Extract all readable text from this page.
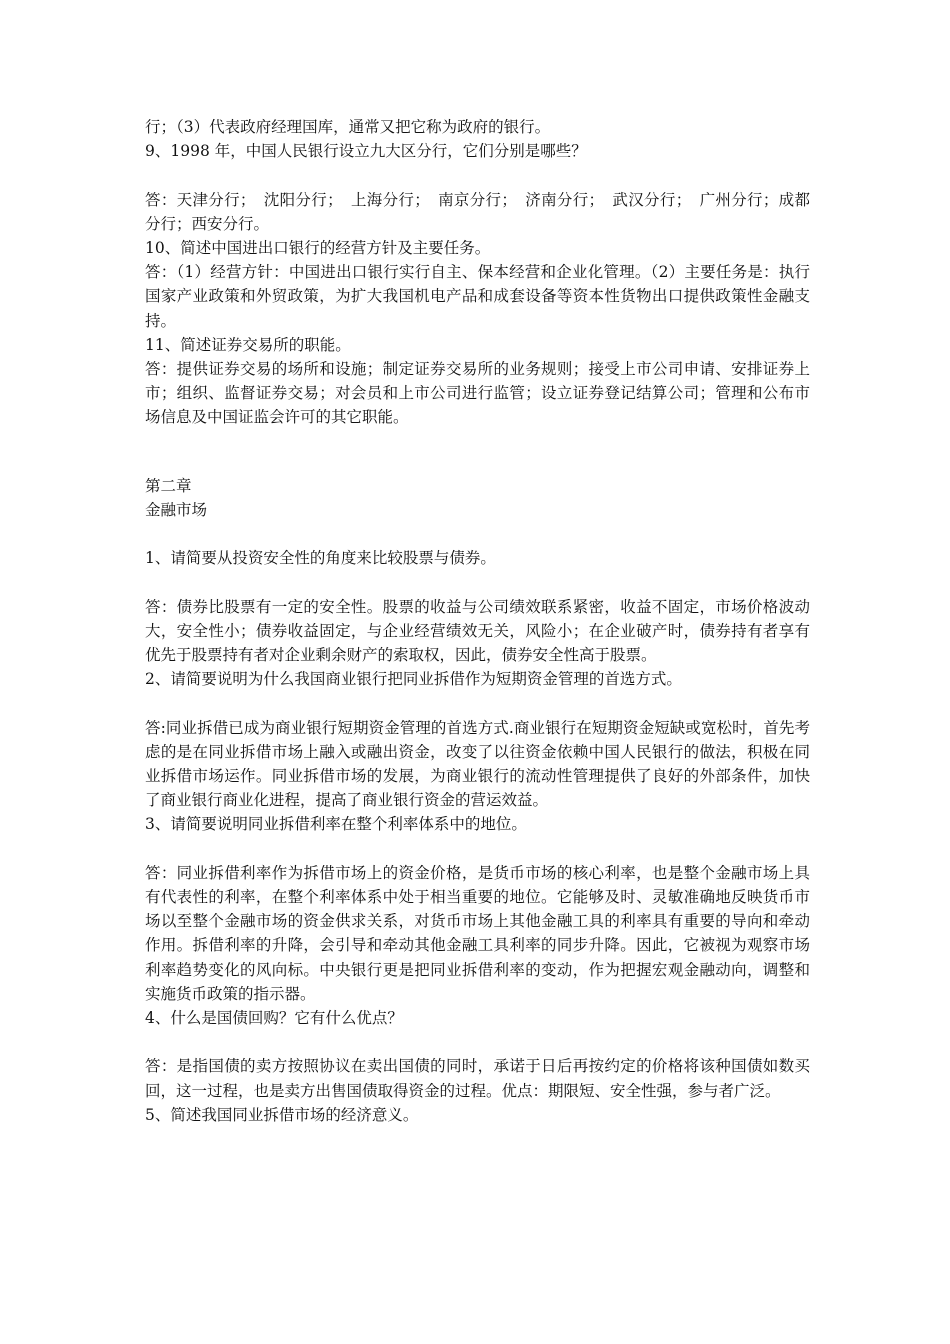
行；（3）代表政府经理国库，通常又把它称为政府的银行。

9、1998 年，中国人民银行设立九大区分行，它们分别是哪些？

答：天津分行；　沈阳分行；　上海分行；　南京分行；　济南分行；　武汉分行；　广州分行；成都分行；西安分行。

10、简述中国进出口银行的经营方针及主要任务。

答：（1）经营方针：中国进出口银行实行自主、保本经营和企业化管理。（2）主要任务是：执行国家产业政策和外贸政策，为扩大我国机电产品和成套设备等资本性货物出口提供政策性金融支持。

11、简述证券交易所的职能。

答：提供证券交易的场所和设施；制定证券交易所的业务规则；接受上市公司申请、安排证券上市；组织、监督证券交易；对会员和上市公司进行监管；设立证券登记结算公司；管理和公布市场信息及中国证监会许可的其它职能。

第二章

金融市场

1、请简要从投资安全性的角度来比较股票与债券。

答：债券比股票有一定的安全性。股票的收益与公司绩效联系紧密，收益不固定，市场价格波动大，安全性小；债券收益固定，与企业经营绩效无关，风险小；在企业破产时，债券持有者享有优先于股票持有者对企业剩余财产的索取权，因此，债券安全性高于股票。

2、请简要说明为什么我国商业银行把同业拆借作为短期资金管理的首选方式。

答:同业拆借已成为商业银行短期资金管理的首选方式.商业银行在短期资金短缺或宽松时，首先考虑的是在同业拆借市场上融入或融出资金，改变了以往资金依赖中国人民银行的做法，积极在同业拆借市场运作。同业拆借市场的发展，为商业银行的流动性管理提供了良好的外部条件，加快了商业银行商业化进程，提高了商业银行资金的营运效益。

3、请简要说明同业拆借利率在整个利率体系中的地位。

答：同业拆借利率作为拆借市场上的资金价格，是货币市场的核心利率，也是整个金融市场上具有代表性的利率，在整个利率体系中处于相当重要的地位。它能够及时、灵敏准确地反映货币市场以至整个金融市场的资金供求关系，对货币市场上其他金融工具的利率具有重要的导向和牵动作用。拆借利率的升降，会引导和牵动其他金融工具利率的同步升降。因此，它被视为观察市场利率趋势变化的风向标。中央银行更是把同业拆借利率的变动，作为把握宏观金融动向，调整和实施货币政策的指示器。

4、什么是国债回购？它有什么优点？

答：是指国债的卖方按照协议在卖出国债的同时，承诺于日后再按约定的价格将该种国债如数买回，这一过程，也是卖方出售国债取得资金的过程。优点：期限短、安全性强，参与者广泛。

5、简述我国同业拆借市场的经济意义。
